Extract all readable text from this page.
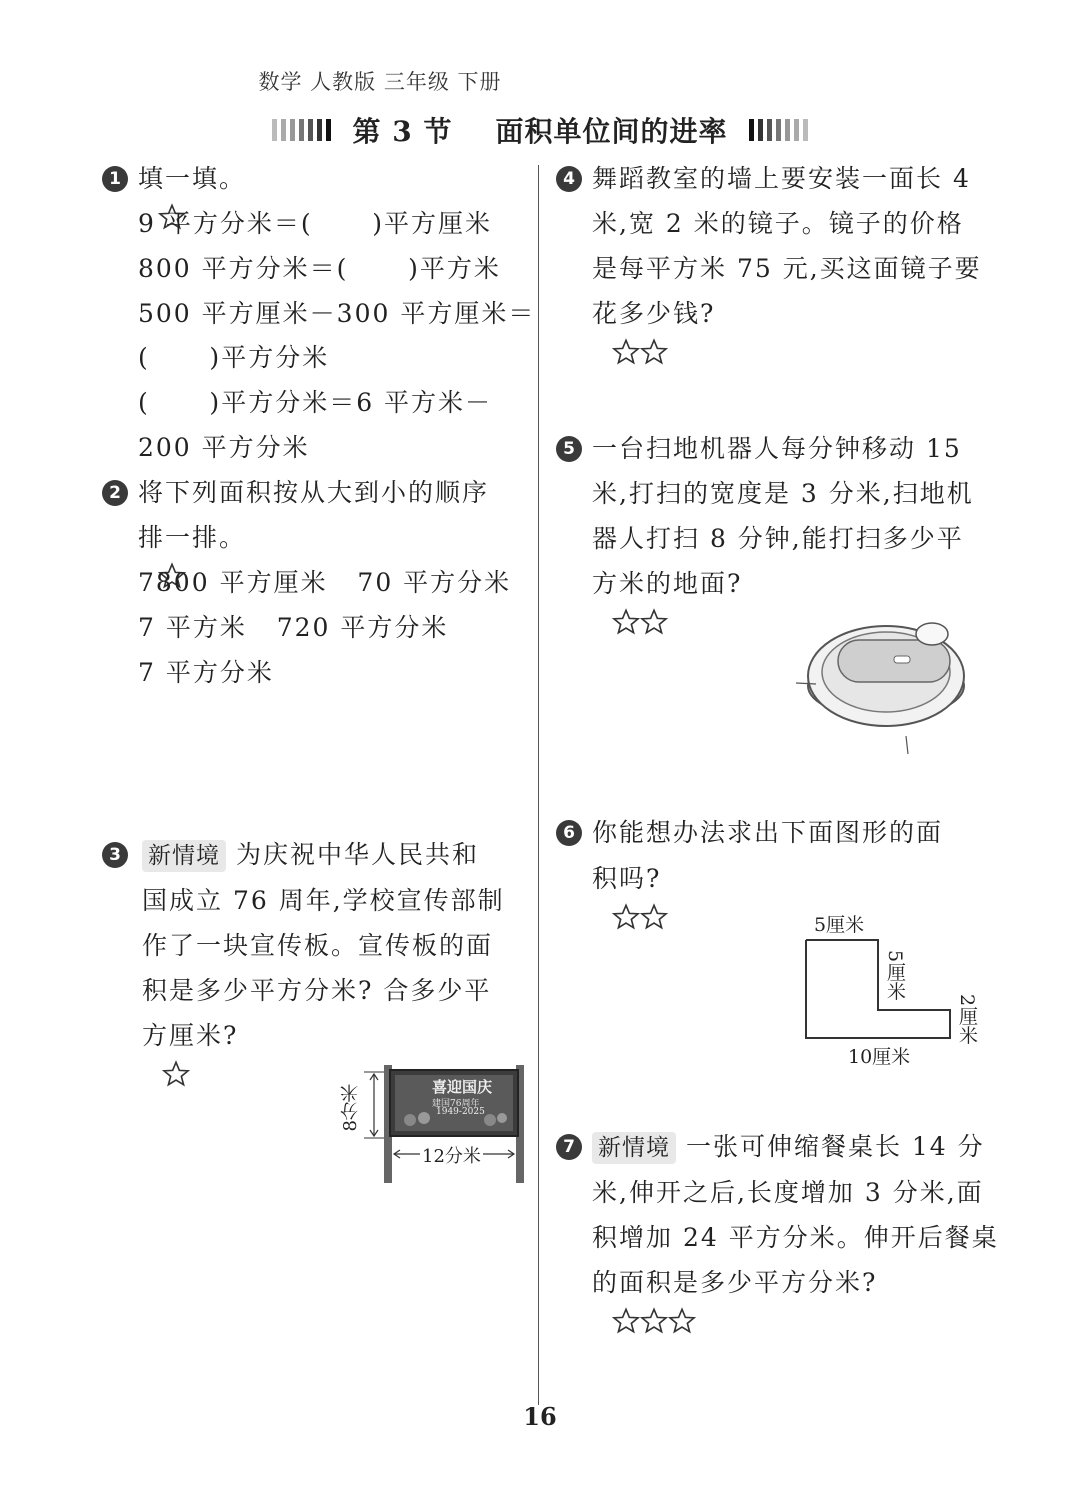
数学 人教版 三年级 下册
第 3 节    面积单位间的进率
1 填一填。

9 平方分米＝(      )平方厘米
800 平方分米＝(      )平方米
500 平方厘米－300 平方厘米＝
(      )平方分米
(      )平方分米＝6 平方米－
200 平方分米
2 将下列面积按从大到小的顺序
排一排。

7800 平方厘米   70 平方分米
7 平方米   720 平方分米
7 平方分米
3	新情境 为庆祝中华人民共和
国成立 76 周年,学校宣传部制
作了一块宣传板。宣传板的面
积是多少平方分米? 合多少平
方厘米?

喜迎国庆
建国76周年
1949-2025
8分米
12分米
4 舞蹈教室的墙上要安装一面长 4
米,宽 2 米的镜子。镜子的价格
是每平方米 75 元,买这面镜子要
花多少钱?

5 一台扫地机器人每分钟移动 15
米,打扫的宽度是 3 分米,扫地机
器人打扫 8 分钟,能打扫多少平
方米的地面?

6 你能想办法求出下面图形的面
积吗?

5厘米
5厘米
2厘米
10厘米
7	新情境 一张可伸缩餐桌长 14 分
米,伸开之后,长度增加 3 分米,面
积增加 24 平方分米。伸开后餐桌
的面积是多少平方分米?

16
